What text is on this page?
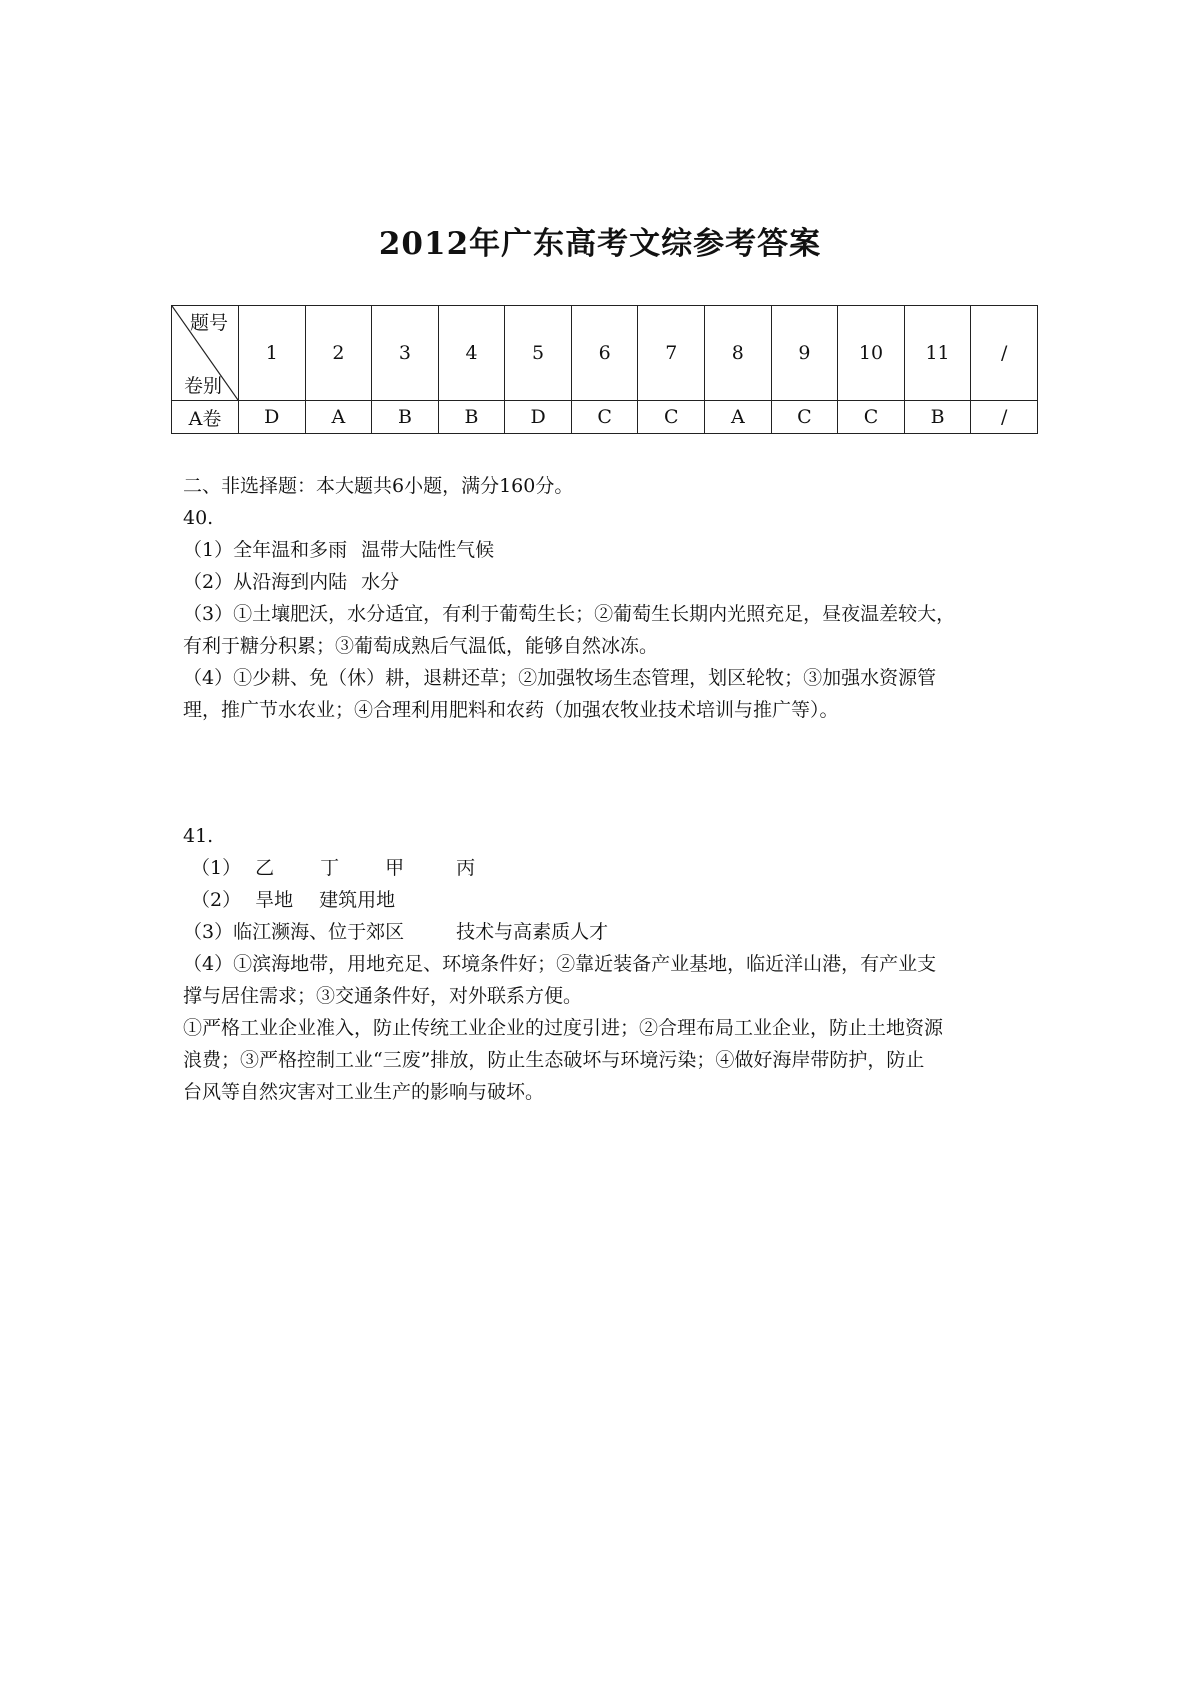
2012年广东高考文综参考答案
题号
卷别	1	2	3	4	5	6	7	8	9	10	11	/
A卷	D	A	B	B	D	C	C	A	C	C	B	/

二、非选择题：本大题共6小题，满分160分。

40.

（1）全年温和多雨 温带大陆性气候

（2）从沿海到内陆 水分

（3）①土壤肥沃，水分适宜，有利于葡萄生长；②葡萄生长期内光照充足，昼夜温差较大，

有利于糖分积累；③葡萄成熟后气温低，能够自然冰冻。

（4）①少耕、免（休）耕，退耕还草；②加强牧场生态管理，划区轮牧；③加强水资源管

理，推广节水农业；④合理利用肥料和农药（加强农牧业技术培训与推广等）。

41.

（1） 乙 丁 甲	丙

（2） 旱地 建筑用地

（3）临江濒海、位于郊区	技术与高素质人才

（4）①滨海地带，用地充足、环境条件好；②靠近装备产业基地，临近洋山港，有产业支

撑与居住需求；③交通条件好，对外联系方便。

①严格工业企业准入，防止传统工业企业的过度引进；②合理布局工业企业，防止土地资源

浪费；③严格控制工业“三废”排放，防止生态破坏与环境污染；④做好海岸带防护，防止

台风等自然灾害对工业生产的影响与破坏。
